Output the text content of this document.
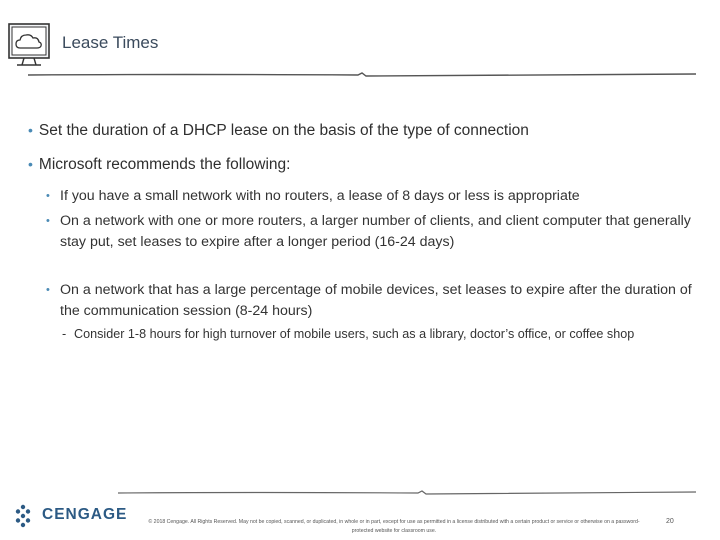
Lease Times
• Set the duration of a DHCP lease on the basis of the type of connection
• Microsoft recommends the following:
• If you have a small network with no routers, a lease of 8 days or less is appropriate
• On a network with one or more routers, a larger number of clients, and client computer that generally stay put, set leases to expire after a longer period (16-24 days)
• On a network that has a large percentage of mobile devices, set leases to expire after the duration of the communication session (8-24 hours)
- Consider 1-8 hours for high turnover of mobile users, such as a library, doctor’s office, or coffee shop
CENGAGE	© 2018 Cengage. All Rights Reserved. May not be copied, scanned, or duplicated, in whole or in part, except for use as permitted in a license distributed with a certain product or service or otherwise on a password-protected website for classroom use.
20
